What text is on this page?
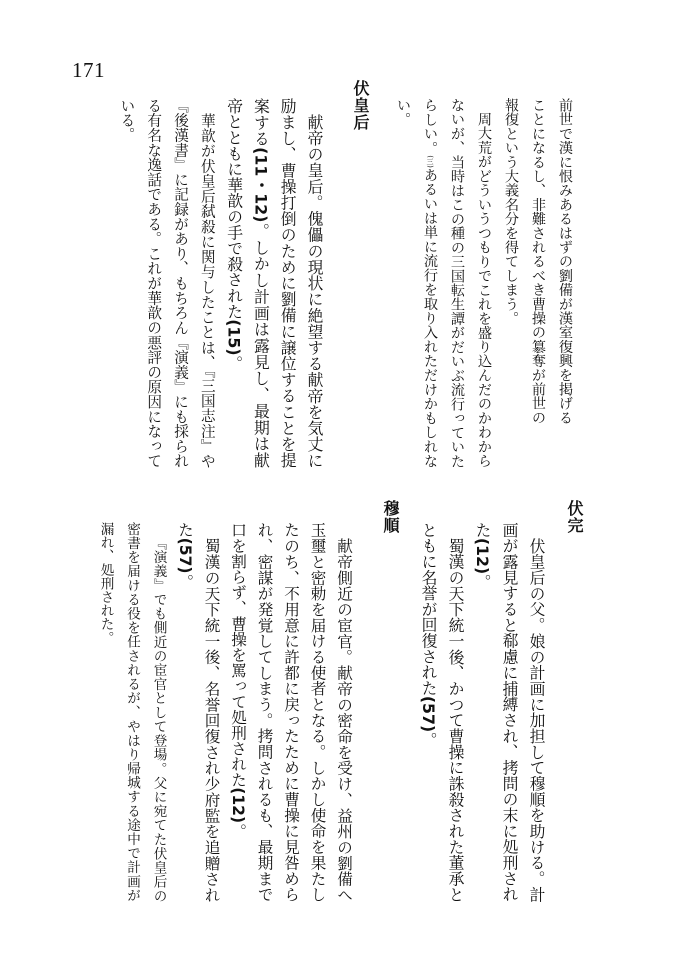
171

前世で漢に恨みあるはずの劉備が漢室復興を掲げる

ことになるし、非難されるべき曹操の簒奪が前世の

報復という大義名分を得てしまう。

周大荒がどういうつもりでこれを盛り込んだのかわからないが、当時はこの種の三国転生譚がだいぶ流行っていたらしい。(三)あるいは単に流行を取り入れただけかもしれない。

伏皇后

献帝の皇后。傀儡の現状に絶望する献帝を気丈に励まし、曹操打倒のために劉備に譲位することを提案する(11・12)。しかし計画は露見し、最期は献帝とともに華歆の手で殺された(15)。

華歆が伏皇后弑殺に関与したことは、『三国志注』や『後漢書』に記録があり、もちろん『演義』にも採られる有名な逸話である。これが華歆の悪評の原因になっている。

伏完

伏皇后の父。娘の計画に加担して穆順を助ける。計画が露見すると郗慮に捕縛され、拷問の末に処刑された(12)。

蜀漢の天下統一後、かつて曹操に誅殺された董承とともに名誉が回復された(57)。

穆順

献帝側近の宦官。献帝の密命を受け、益州の劉備へ玉璽と密勅を届ける使者となる。しかし使命を果たしたのち、不用意に許都に戻ったために曹操に見咎められ、密謀が発覚してしまう。拷問されるも、最期まで口を割らず、曹操を罵って処刑された(12)。

蜀漢の天下統一後、名誉回復され少府監を追贈された(57)。

『演義』でも側近の宦官として登場。父に宛てた伏皇后の密書を届ける役を任されるが、やはり帰城する途中で計画が漏れ、処刑された。
